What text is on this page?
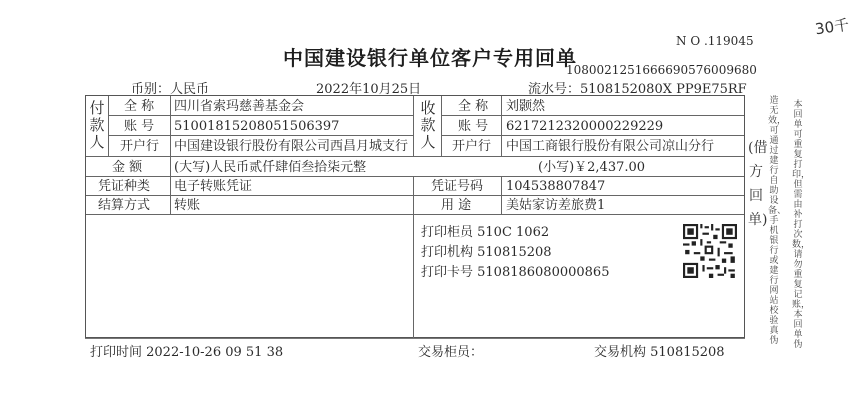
N O .119045
30千
中国建设银行单位客户专用回单
10800212516666905760096​80
币别：人民币	2022年10月25日	流水号：5108152080X PP9E75RF
付款人
全 称 四川省索玛慈善基金会
账 号 51001815208051506397
开户行 中国建设银行股份有限公司西昌月城支行
收款人
全 称 刘颢然
账 号 6217212320000229229
开户行 中国工商银行股份有限公司凉山分行
金 额 (大写)人民币贰仟肆佰叁拾柒元整	(小写)￥2,437.00
凭证种类 电子转账凭证	凭证号码 104538807847
结算方式 转账	用 途	美姑家访差旅费1
打印柜员 510C 1062
打印机构 510815208
打印卡号 5108186080000865
(借方回单)
造无效，可通过建行自助设备、手机银行或建行网站校验真伪
本回单可重复打印，但需由补打次数，请勿重复记账，本回单伪
打印时间 2022-10-26 09 51 38	交易柜员：	交易机构 510815208
